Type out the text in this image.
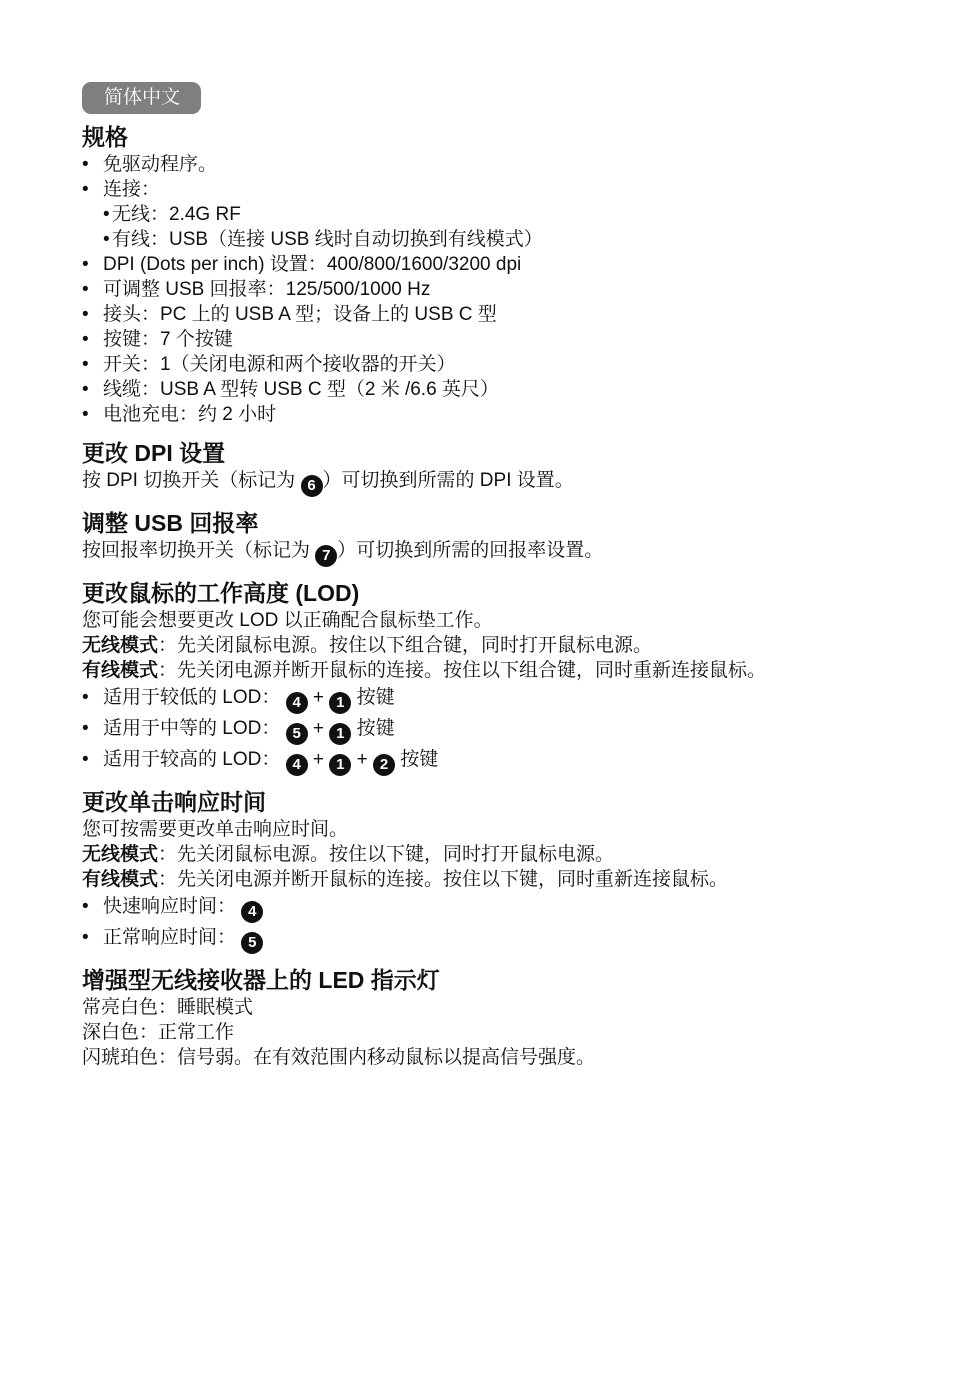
简体中文
规格
• 免驱动程序。
• 连接：
• 无线：2.4G RF
• 有线：USB（连接 USB 线时自动切换到有线模式）
• DPI (Dots per inch) 设置：400/800/1600/3200 dpi
• 可调整 USB 回报率：125/500/1000 Hz
• 接头：PC 上的 USB A 型；设备上的 USB C 型
• 按键：7 个按键
• 开关：1（关闭电源和两个接收器的开关）
• 线缆：USB A 型转 USB C 型（2 米 /6.6 英尺）
• 电池充电：约 2 小时
更改 DPI 设置

按 DPI 切换开关（标记为 6 ）可切换到所需的 DPI 设置。

调整 USB 回报率

按回报率切换开关（标记为 7 ）可切换到所需的回报率设置。

更改鼠标的工作高度 (LOD)

您可能会想要更改 LOD 以正确配合鼠标垫工作。

无线模式：先关闭鼠标电源。按住以下组合键，同时打开鼠标电源。

有线模式：先关闭电源并断开鼠标的连接。按住以下组合键，同时重新连接鼠标。

• 适用于较低的 LOD： 4 + 1 按键
• 适用于中等的 LOD： 5 + 1 按键
• 适用于较高的 LOD： 4 + 1 + 2 按键
更改单击响应时间

您可按需要更改单击响应时间。

无线模式：先关闭鼠标电源。按住以下键，同时打开鼠标电源。

有线模式：先关闭电源并断开鼠标的连接。按住以下键，同时重新连接鼠标。

• 快速响应时间： 4
• 正常响应时间： 5
增强型无线接收器上的 LED 指示灯

常亮白色：睡眠模式

深白色：正常工作

闪琥珀色：信号弱。在有效范围内移动鼠标以提高信号强度。
